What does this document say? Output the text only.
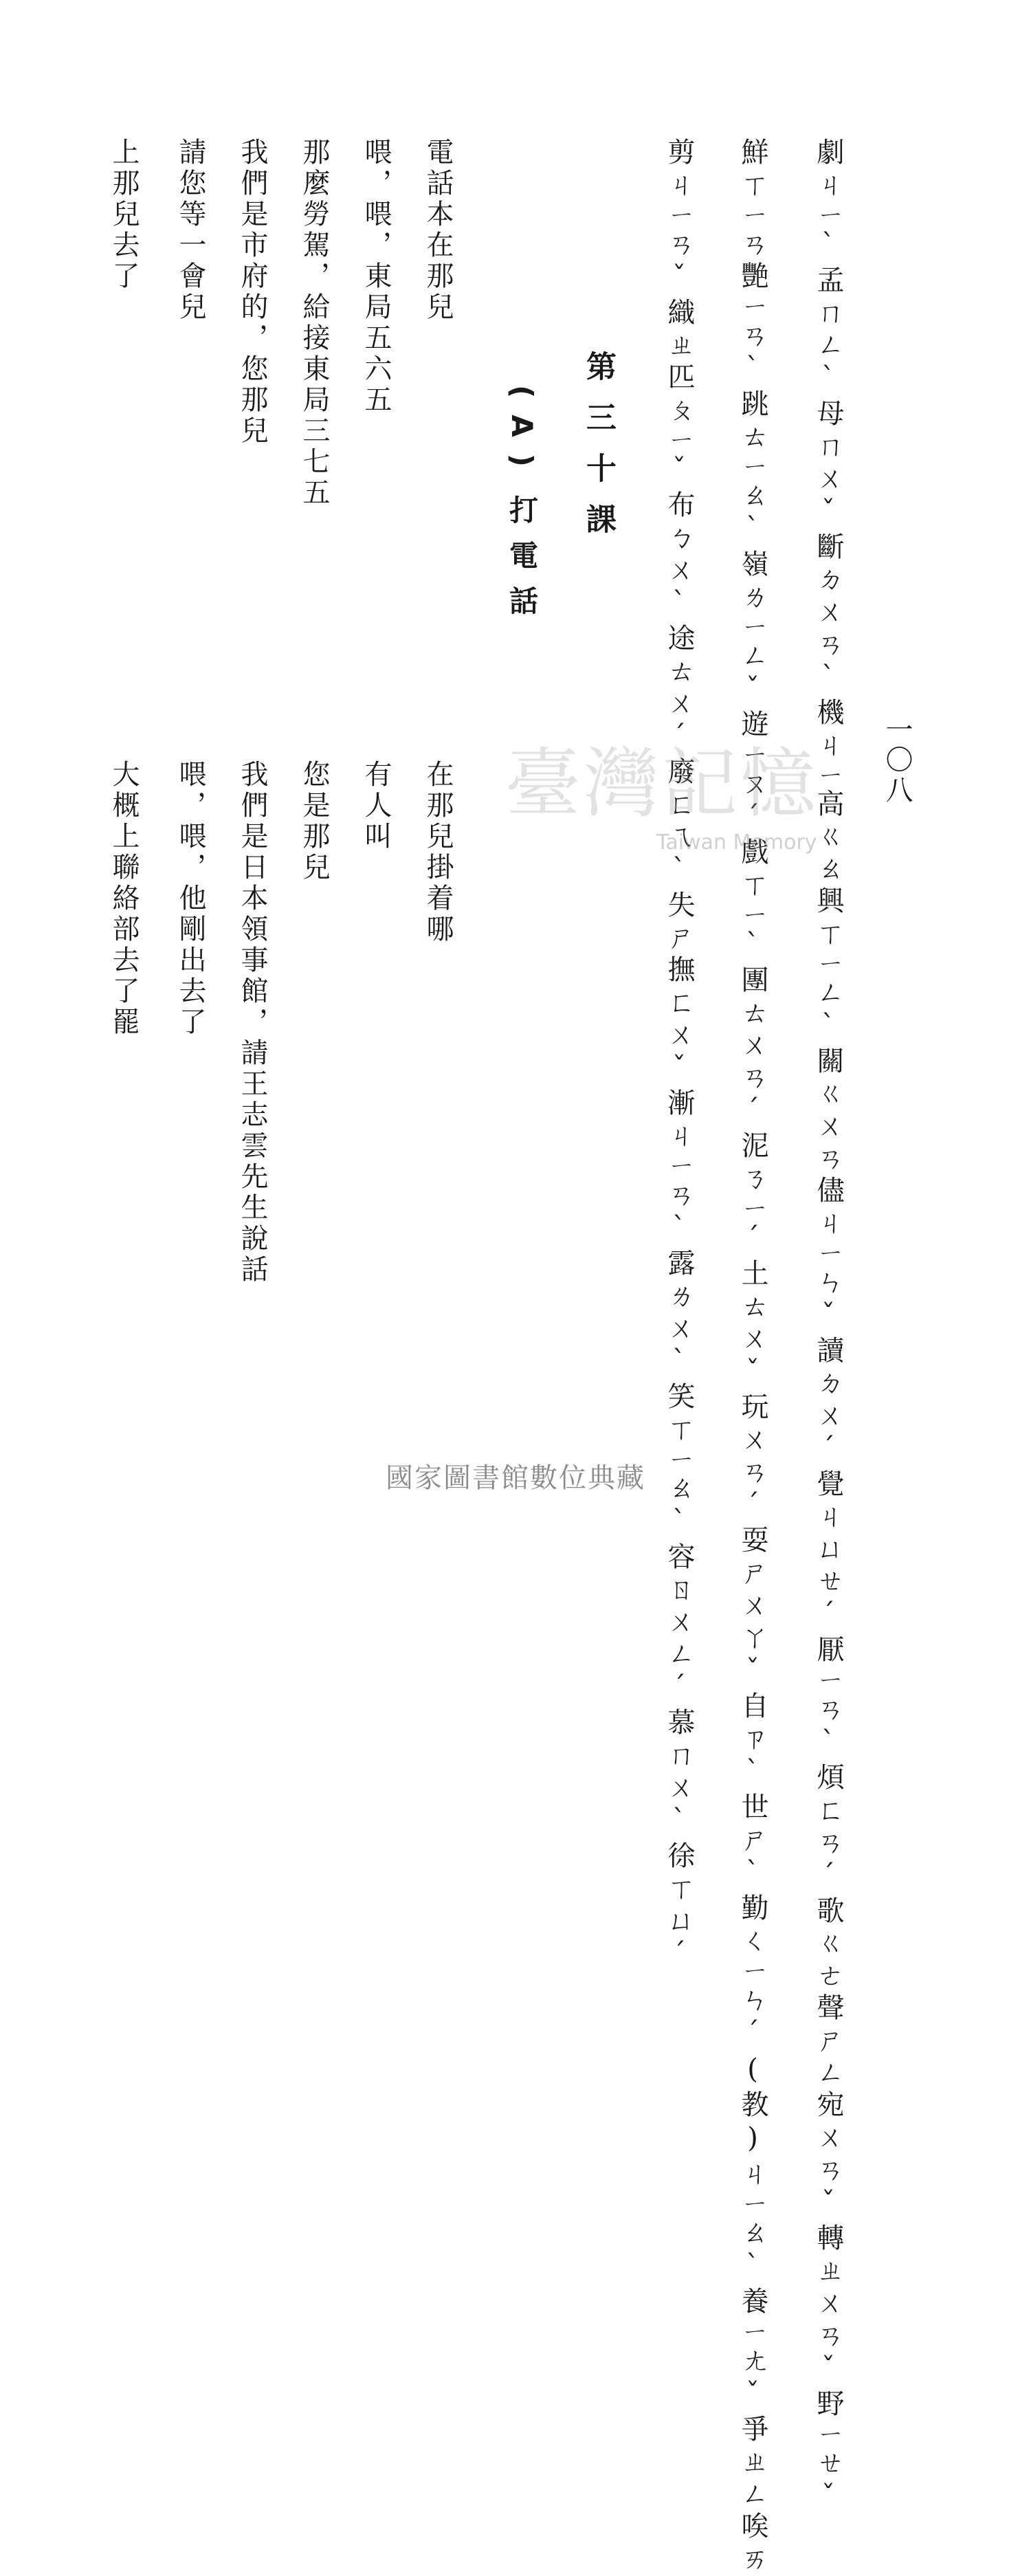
一〇八
劇ㄐㄧˋ孟ㄇㄥˋ母ㄇㄨˇ斷ㄉㄨㄢˋ機ㄐㄧ高ㄍㄠ興ㄒㄧㄥˋ關ㄍㄨㄢ儘ㄐㄧㄣˇ讀ㄉㄨˊ覺ㄐㄩㄝˊ厭ㄧㄢˋ煩ㄈㄢˊ歌ㄍㄜ聲ㄕㄥ宛ㄨㄢˇ轉ㄓㄨㄢˇ野ㄧㄝˇ
鮮ㄒㄧㄢ艷ㄧㄢˋ跳ㄊㄧㄠˋ嶺ㄌㄧㄥˇ遊ㄧㄡˊ戲ㄒㄧˋ團ㄊㄨㄢˊ泥ㄋㄧˊ土ㄊㄨˇ玩ㄨㄢˊ耍ㄕㄨㄚˇ自ㄗˋ世ㄕˋ勤ㄑㄧㄣˊ(教)ㄐㄧㄠˋ養ㄧㄤˇ爭ㄓㄥ唉ㄞ
剪ㄐㄧㄢˇ織ㄓ匹ㄆㄧˇ布ㄅㄨˋ途ㄊㄨˊ廢ㄈㄟˋ失ㄕ撫ㄈㄨˇ漸ㄐㄧㄢˋ露ㄌㄨˋ笑ㄒㄧㄠˋ容ㄖㄨㄥˊ慕ㄇㄨˋ徐ㄒㄩˊ
第三十課
(A)
打電話
在那兒掛着哪
電話本在那兒
有人叫
喂，喂，東局五六五
您是那兒
那麼勞駕，給接東局三七五
我們是日本領事館，請王志雲先生說話
我們是市府的，您那兒
喂，喂，他剛出去了
請您等一會兒
大概上聯絡部去了罷
上那兒去了
臺灣記憶
Taiwan Memory
國家圖書館數位典藏
